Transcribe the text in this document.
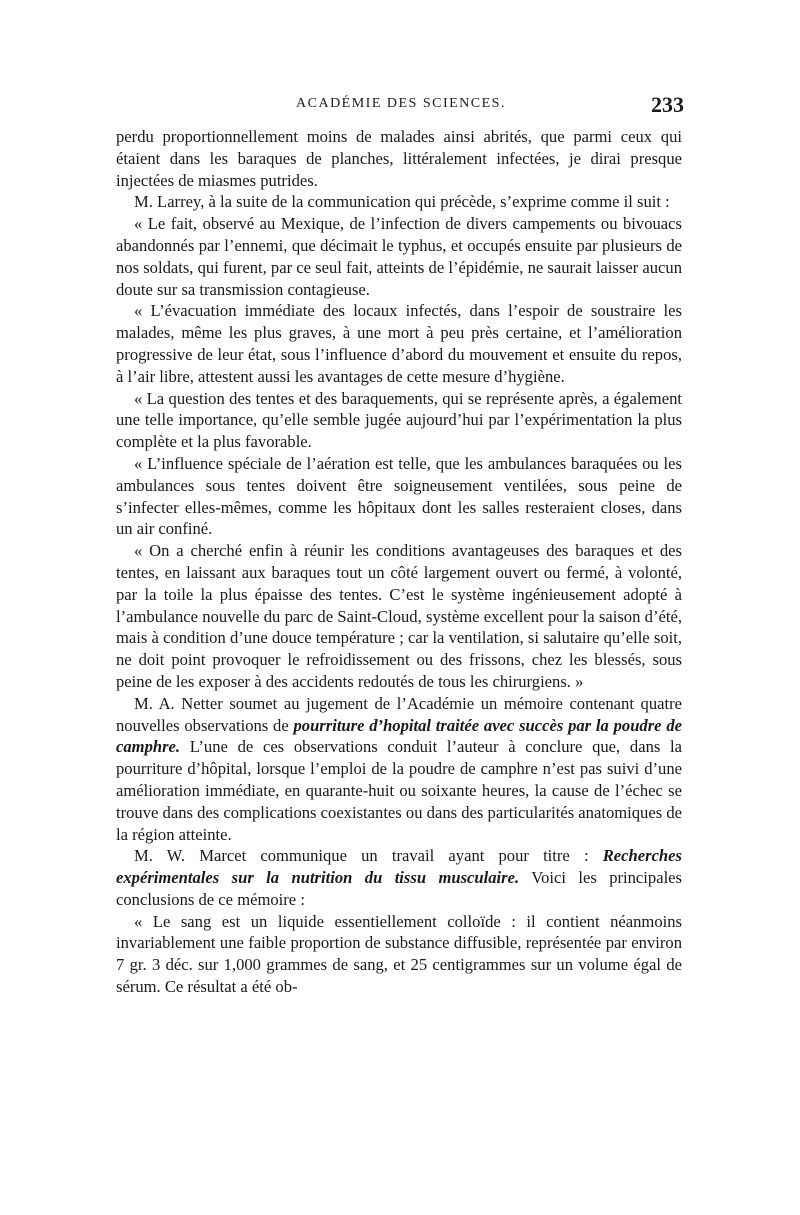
ACADÉMIE DES SCIENCES.	233

perdu proportionnellement moins de malades ainsi abrités, que parmi ceux qui étaient dans les baraques de planches, littéralement infectées, je dirai presque injectées de miasmes putrides.

M. Larrey, à la suite de la communication qui précède, s’exprime comme il suit :

« Le fait, observé au Mexique, de l’infection de divers campements ou bivouacs abandonnés par l’ennemi, que décimait le typhus, et occupés ensuite par plusieurs de nos soldats, qui furent, par ce seul fait, atteints de l’épidémie, ne saurait laisser aucun doute sur sa transmission contagieuse.

« L’évacuation immédiate des locaux infectés, dans l’espoir de soustraire les malades, même les plus graves, à une mort à peu près certaine, et l’amélioration progressive de leur état, sous l’influence d’abord du mouvement et ensuite du repos, à l’air libre, attestent aussi les avantages de cette mesure d’hygiène.

« La question des tentes et des baraquements, qui se représente après, a également une telle importance, qu’elle semble jugée aujourd’hui par l’expérimentation la plus complète et la plus favorable.

« L’influence spéciale de l’aération est telle, que les ambulances baraquées ou les ambulances sous tentes doivent être soigneusement ventilées, sous peine de s’infecter elles-mêmes, comme les hôpitaux dont les salles resteraient closes, dans un air confiné.

« On a cherché enfin à réunir les conditions avantageuses des baraques et des tentes, en laissant aux baraques tout un côté largement ouvert ou fermé, à volonté, par la toile la plus épaisse des tentes. C’est le système ingénieusement adopté à l’ambulance nouvelle du parc de Saint-Cloud, système excellent pour la saison d’été, mais à condition d’une douce température ; car la ventilation, si salutaire qu’elle soit, ne doit point provoquer le refroidissement ou des frissons, chez les blessés, sous peine de les exposer à des accidents redoutés de tous les chirurgiens. »

M. A. Netter soumet au jugement de l’Académie un mémoire contenant quatre nouvelles observations de pourriture d’hopital traitée avec succès par la poudre de camphre. L’une de ces observations conduit l’auteur à conclure que, dans la pourriture d’hôpital, lorsque l’emploi de la poudre de camphre n’est pas suivi d’une amélioration immédiate, en quarante-huit ou soixante heures, la cause de l’échec se trouve dans des complications coexistantes ou dans des particularités anatomiques de la région atteinte.

M. W. Marcet communique un travail ayant pour titre : Recherches expérimentales sur la nutrition du tissu musculaire. Voici les principales conclusions de ce mémoire :

« Le sang est un liquide essentiellement colloïde : il contient néanmoins invariablement une faible proportion de substance diffusible, représentée par environ 7 gr. 3 déc. sur 1,000 grammes de sang, et 25 centigrammes sur un volume égal de sérum. Ce résultat a été ob-
